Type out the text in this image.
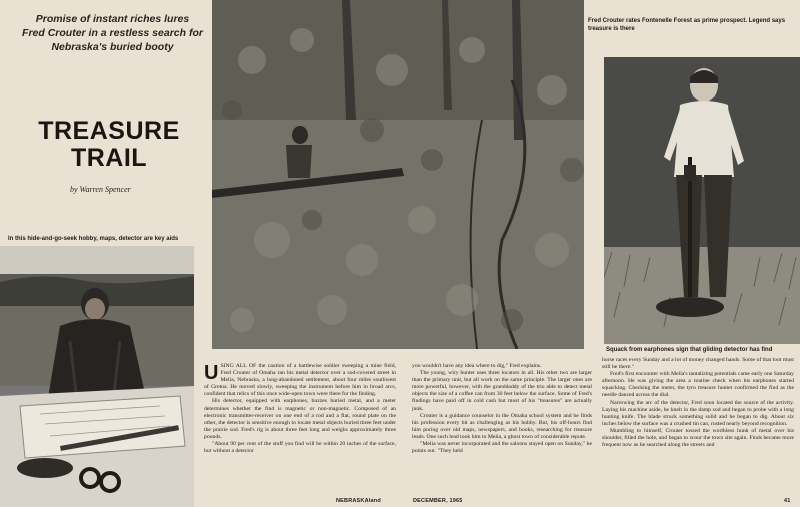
Promise of instant riches lures
Fred Crouter in a restless search for
Nebraska's buried booty
TREASURE
TRAIL
by Warren Spencer
In this hide-and-go-seek hobby, maps, detector are key aids
Fred Crouter rates Fontenelle Forest as prime prospect. Legend says treasure is there
Squack from earphones sign that gliding detector has find
U SING ALL OF the caution of a battlewise soldier sweeping a mine field, Fred Crouter of Omaha ran his metal detector over a sod-covered street in Melia, Nebraska, a long-abandoned settlement, about four miles southwest of Gretna. He moved slowly, sweeping the instrument before him in broad arcs, confident that relics of this once wide-open town were there for the finding.

His detector, equipped with earphones, buzzes buried metal, and a meter determines whether the find is magnetic or non-magnetic. Composed of an electronic transmitter-receiver on one end of a rod and a flat, round plate on the other, the detector is sensitive enough to locate metal objects buried three feet under the prairie sod. Fred's rig is about three feet long and weighs approximately three pounds.

"About 90 per cent of the stuff you find will be within 20 inches of the surface, but without a detector

you wouldn't have any idea where to dig," Fred explains.

The young, wiry hunter uses three locators in all. His other two are larger than the primary unit, but all work on the same principle. The larger ones are more powerful, however, with the granddaddy of the trio able to detect metal objects the size of a coffee can from 30 feet below the surface. Some of Fred's findings have paid off in cold cash but most of his "treasures" are actually junk.

Crouter is a guidance counselor in the Omaha school system and he finds his profession every bit as challenging as his hobby. But, his off-hours find him poring over old maps, newspapers, and books, researching for treasure leads. One such lead took him to Melia, a ghost town of considerable repute.

"Melia was never incorporated and the saloons stayed open on Sunday," he points out. "They held

horse races every Sunday and a lot of money changed hands. Some of that loot must still be there."

Fred's first encounter with Melia's tantalizing potentials came early one Saturday afternoon. He was giving the area a routine check when his earphones started squacking. Checking the meter, the tyro treasure hunter confirmed the find as the needle danced across the dial.

Narrowing the arc of the detector, Fred soon located the source of the activity. Laying his machine aside, he knelt in the damp sod and began to probe with a long hunting knife. The blade struck something solid and he began to dig. About six inches below the surface was a crushed tin can, rusted nearly beyond recognition.

Mumbling to himself, Crouter tossed the worthless hunk of metal over his shoulder, filled the hole, and began to scour the town site again. Finds became more frequent now as he searched along the streets and

NEBRASKAland	DECEMBER, 1965	41
